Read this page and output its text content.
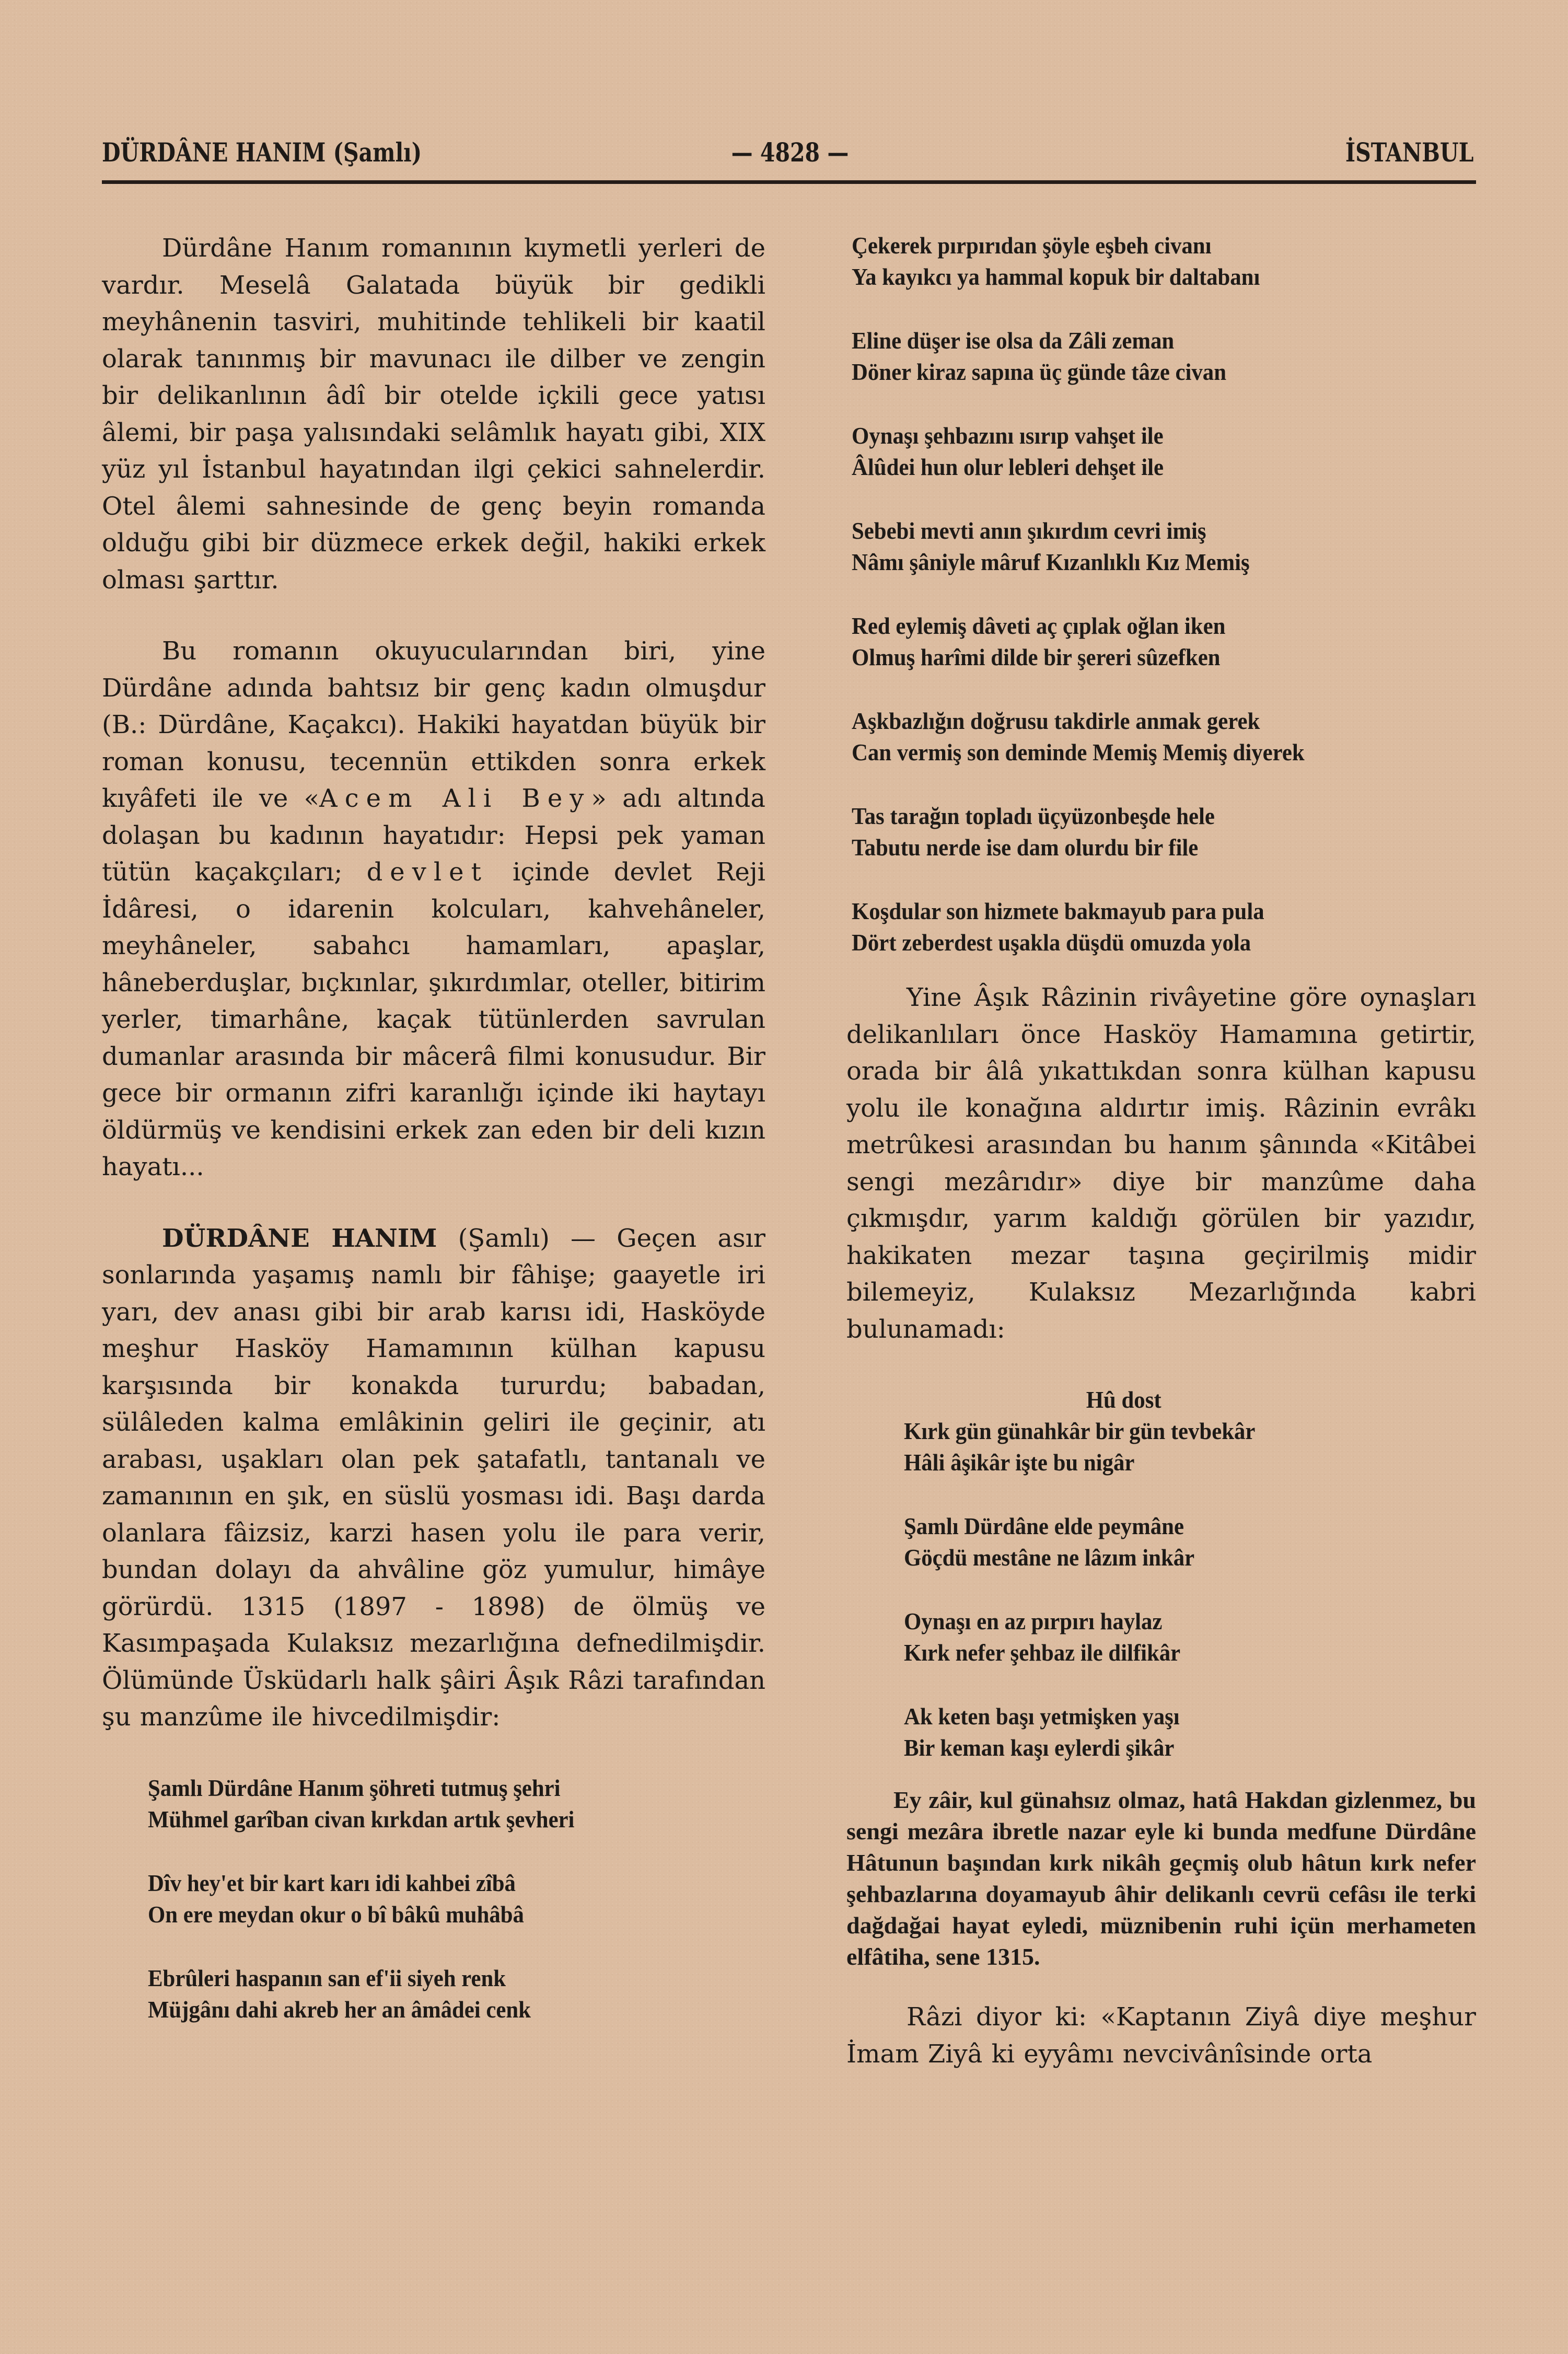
DÜRDÂNE HANIM (Şamlı)	— 4828 —	İSTANBUL

Dürdâne Hanım romanının kıymetli yerleri de vardır. Meselâ Galatada büyük bir gedikli meyhânenin tasviri, muhitinde tehlikeli bir kaatil olarak tanınmış bir mavunacı ile dilber ve zengin bir delikanlının âdî bir otelde içkili gece yatısı âlemi, bir paşa yalısındaki selâmlık hayatı gibi, XIX yüz yıl İstanbul hayatından ilgi çekici sahnelerdir. Otel âlemi sahnesinde de genç beyin romanda olduğu gibi bir düzmece erkek değil, hakiki erkek olması şarttır.

Bu romanın okuyucularından biri, yine Dürdâne adında bahtsız bir genç kadın olmuşdur (B.: Dürdâne, Kaçakcı). Hakiki hayatdan büyük bir roman konusu, tecennün ettikden sonra erkek kıyâfeti ile ve «Acem Ali Bey» adı altında dolaşan bu kadının hayatıdır: Hepsi pek yaman tütün kaçakçıları; devlet içinde devlet Reji İdâresi, o idarenin kolcuları, kahvehâneler, meyhâneler, sabahcı hamamları, apaşlar, hâneberduşlar, bıçkınlar, şıkırdımlar, oteller, bitirim yerler, timarhâne, kaçak tütünlerden savrulan dumanlar arasında bir mâcerâ filmi konusudur. Bir gece bir ormanın zifri karanlığı içinde iki haytayı öldürmüş ve kendisini erkek zan eden bir deli kızın hayatı...

DÜRDÂNE HANIM (Şamlı) — Geçen asır sonlarında yaşamış namlı bir fâhişe; gaayetle iri yarı, dev anası gibi bir arab karısı idi, Hasköyde meşhur Hasköy Hamamının külhan kapusu karşısında bir konakda tururdu; babadan, sülâleden kalma emlâkinin geliri ile geçinir, atı arabası, uşakları olan pek şatafatlı, tantanalı ve zamanının en şık, en süslü yosması idi. Başı darda olanlara fâizsiz, karzi hasen yolu ile para verir, bundan dolayı da ahvâline göz yumulur, himâye görürdü. 1315 (1897 - 1898) de ölmüş ve Kasımpaşada Kulaksız mezarlığına defnedilmişdir. Ölümünde Üsküdarlı halk şâiri Âşık Râzi tarafından şu manzûme ile hivcedilmişdir:

Şamlı Dürdâne Hanım şöhreti tutmuş şehri
Mühmel garîban civan kırkdan artık şevheri
Dîv hey'et bir kart karı idi kahbei zîbâ
On ere meydan okur o bî bâkû muhâbâ
Ebrûleri haspanın san ef'ii siyeh renk
Müjgânı dahi akreb her an âmâdei cenk
Çekerek pırpırıdan şöyle eşbeh civanı
Ya kayıkcı ya hammal kopuk bir daltabanı
Eline düşer ise olsa da Zâli zeman
Döner kiraz sapına üç günde tâze civan
Oynaşı şehbazını ısırıp vahşet ile
Âlûdei hun olur lebleri dehşet ile
Sebebi mevti anın şıkırdım cevri imiş
Nâmı şâniyle mâruf Kızanlıklı Kız Memiş
Red eylemiş dâveti aç çıplak oğlan iken
Olmuş harîmi dilde bir şereri sûzefken
Aşkbazlığın doğrusu takdirle anmak gerek
Can vermiş son deminde Memiş Memiş diyerek
Tas tarağın topladı üçyüzonbeşde hele
Tabutu nerde ise dam olurdu bir file
Koşdular son hizmete bakmayub para pula
Dört zeberdest uşakla düşdü omuzda yola

Yine Âşık Râzinin rivâyetine göre oynaşları delikanlıları önce Hasköy Hamamına getirtir, orada bir âlâ yıkattıkdan sonra külhan kapusu yolu ile konağına aldırtır imiş. Râzinin evrâkı metrûkesi arasından bu hanım şânında «Kitâbei sengi mezârıdır» diye bir manzûme daha çıkmışdır, yarım kaldığı görülen bir yazıdır, hakikaten mezar taşına geçirilmiş midir bilemeyiz, Kulaksız Mezarlığında kabri bulunamadı:

Hû dost
Kırk gün günahkâr bir gün tevbekâr
Hâli âşikâr işte bu nigâr
Şamlı Dürdâne elde peymâne
Göçdü mestâne ne lâzım inkâr
Oynaşı en az pırpırı haylaz
Kırk nefer şehbaz ile dilfikâr
Ak keten başı yetmişken yaşı
Bir keman kaşı eylerdi şikâr

Ey zâir, kul günahsız olmaz, hatâ Hakdan gizlenmez, bu sengi mezâra ibretle nazar eyle ki bunda medfune Dürdâne Hâtunun başından kırk nikâh geçmiş olub hâtun kırk nefer şehbazlarına doyamayub âhir delikanlı cevrü cefâsı ile terki dağdağai hayat eyledi, müznibenin ruhi içün merhameten elfâtiha, sene 1315.

Râzi diyor ki: «Kaptanın Ziyâ diye meşhur İmam Ziyâ ki eyyâmı nevcivânîsinde orta
